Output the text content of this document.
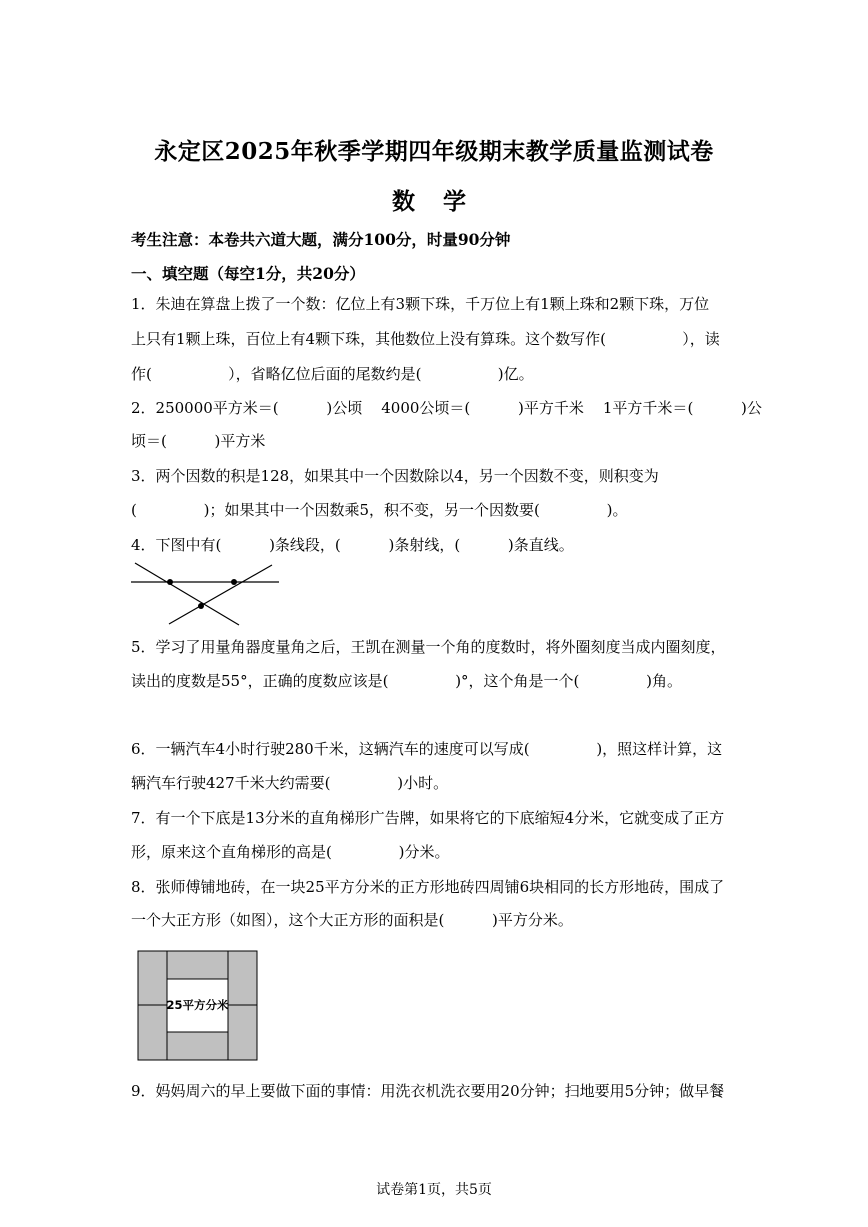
永定区2025年秋季学期四年级期末教学质量监测试卷
数 学
考生注意：本卷共六道大题，满分100分，时量90分钟
一、填空题（每空1分，共20分）
1．朱迪在算盘上拨了一个数：亿位上有3颗下珠，千万位上有1颗上珠和2颗下珠，万位
上只有1颗上珠，百位上有4颗下珠，其他数位上没有算珠。这个数写作(                ），读
作(                ），省略亿位后面的尾数约是(                )亿。
2．250000平方米＝(          )公顷    4000公顷＝(          )平方千米    1平方千米＝(          )公
顷＝(          )平方米
3．两个因数的积是128，如果其中一个因数除以4，另一个因数不变，则积变为
(              )；如果其中一个因数乘5，积不变，另一个因数要(              )。
4．下图中有(          )条线段，(          )条射线，(          )条直线。
5．学习了用量角器度量角之后，王凯在测量一个角的度数时，将外圈刻度当成内圈刻度，
读出的度数是55°，正确的度数应该是(              )°，这个角是一个(              )角。
6．一辆汽车4小时行驶280千米，这辆汽车的速度可以写成(              )，照这样计算，这
辆汽车行驶427千米大约需要(              )小时。
7．有一个下底是13分米的直角梯形广告牌，如果将它的下底缩短4分米，它就变成了正方
形，原来这个直角梯形的高是(              )分米。
8．张师傅铺地砖，在一块25平方分米的正方形地砖四周铺6块相同的长方形地砖，围成了
一个大正方形（如图），这个大正方形的面积是(          )平方分米。
25平方分米
9．妈妈周六的早上要做下面的事情：用洗衣机洗衣要用20分钟；扫地要用5分钟；做早餐
试卷第1页，共5页
